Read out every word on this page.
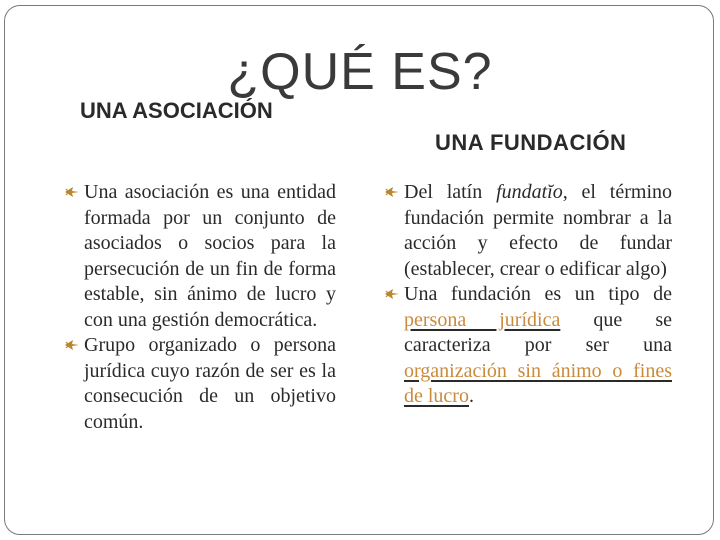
¿QUÉ ES?
UNA ASOCIACIÓN
UNA FUNDACIÓN
Una asociación es una entidad formada por un conjunto de asociados o socios para la persecución de un fin de forma estable, sin ánimo de lucro y con una gestión democrática.
Grupo organizado o persona jurídica cuyo razón de ser es la consecución de un objetivo común.
Del latín fundatĭo, el término fundación permite nombrar a la acción y efecto de fundar (establecer, crear o edificar algo)
Una fundación es un tipo de persona jurídica que se caracteriza por ser una organización sin ánimo o fines de lucro.
